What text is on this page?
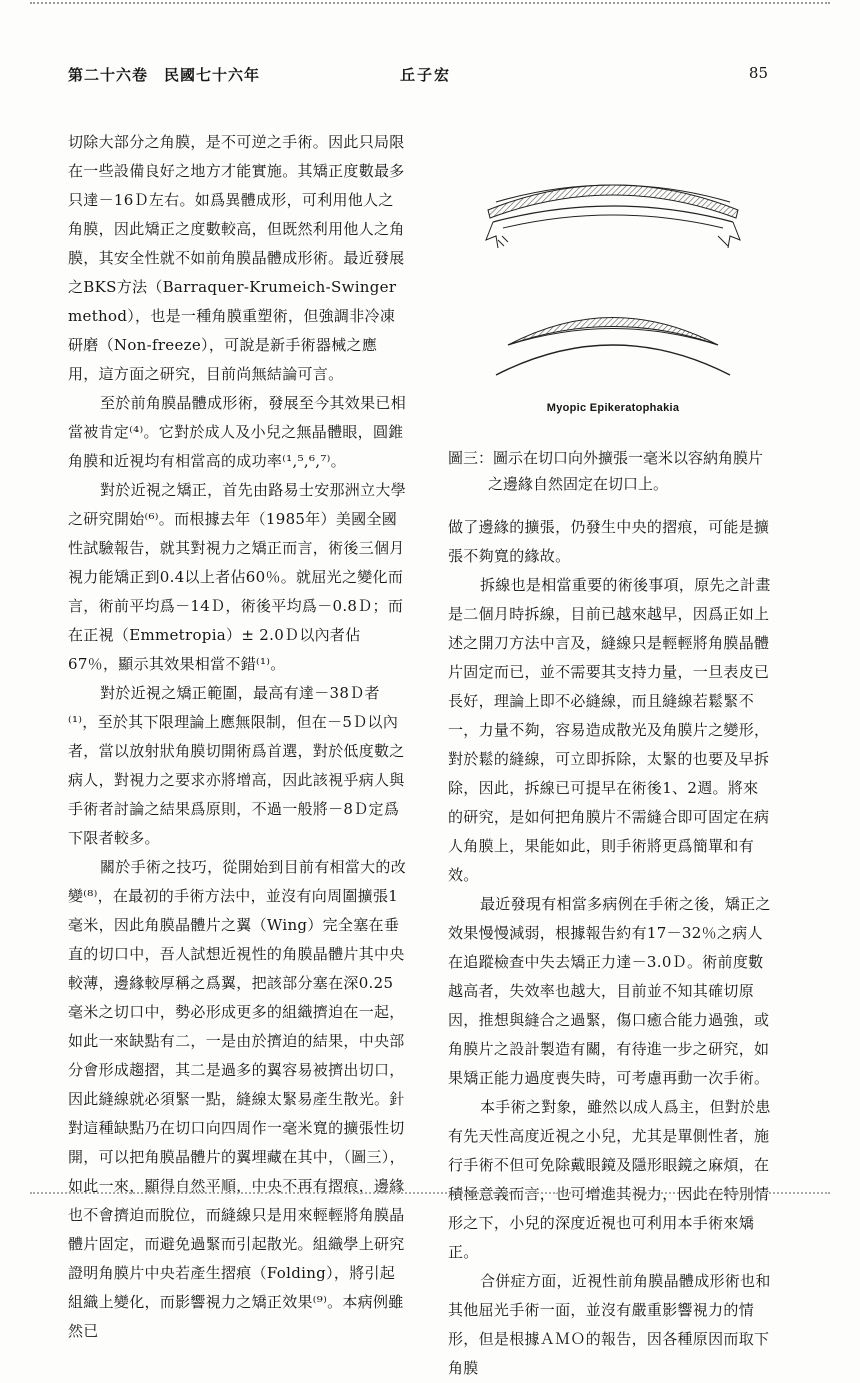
第二十六卷　民國七十六年	丘子宏	85

切除大部分之角膜，是不可逆之手術。因此只局限在一些設備良好之地方才能實施。其矯正度數最多只達－16Ｄ左右。如爲異體成形，可利用他人之角膜，因此矯正之度數較高，但既然利用他人之角膜，其安全性就不如前角膜晶體成形術。最近發展之BKS方法（Barraquer-Krumeich-Swinger method），也是一種角膜重塑術，但強調非冷凍研磨（Non-freeze），可說是新手術器械之應用，這方面之研究，目前尚無結論可言。

至於前角膜晶體成形術，發展至今其效果已相當被肯定⁽⁴⁾。它對於成人及小兒之無晶體眼，圓錐角膜和近視均有相當高的成功率⁽¹,⁵,⁶,⁷⁾。

對於近視之矯正，首先由路易士安那洲立大學之研究開始⁽⁶⁾。而根據去年（1985年）美國全國性試驗報告，就其對視力之矯正而言，術後三個月視力能矯正到0.4以上者佔60％。就屈光之變化而言，術前平均爲－14Ｄ，術後平均爲－0.8Ｄ；而在正視（Emmetropia）± 2.0Ｄ以內者佔67％，顯示其效果相當不錯⁽¹⁾。

對於近視之矯正範圍，最高有達－38Ｄ者⁽¹⁾，至於其下限理論上應無限制，但在－5Ｄ以內者，當以放射狀角膜切開術爲首選，對於低度數之病人，對視力之要求亦將增高，因此該視乎病人與手術者討論之結果爲原則，不過一般將－8Ｄ定爲下限者較多。

關於手術之技巧，從開始到目前有相當大的改變⁽⁸⁾，在最初的手術方法中，並沒有向周圍擴張1毫米，因此角膜晶體片之翼（Wing）完全塞在垂直的切口中，吾人試想近視性的角膜晶體片其中央較薄，邊緣較厚稱之爲翼，把該部分塞在深0.25毫米之切口中，勢必形成更多的組織擠迫在一起，如此一來缺點有二，一是由於擠迫的結果，中央部分會形成趨摺，其二是過多的翼容易被擠出切口，因此縫線就必須緊一點，縫線太緊易產生散光。針對這種缺點乃在切口向四周作一毫米寬的擴張性切開，可以把角膜晶體片的翼埋藏在其中，（圖三），如此一來，顯得自然平順，中央不再有摺痕，邊緣也不會擠迫而脫位，而縫線只是用來輕輕將角膜晶體片固定，而避免過緊而引起散光。組織學上研究證明角膜片中央若產生摺痕（Folding），將引起組織上變化，而影響視力之矯正效果⁽⁹⁾。本病例雖然已

Myopic Epikeratophakia
圖三：圖示在切口向外擴張一毫米以容納角膜片
之邊緣自然固定在切口上。

做了邊緣的擴張，仍發生中央的摺痕，可能是擴張不夠寬的緣故。

拆線也是相當重要的術後事項，原先之計畫是二個月時拆線，目前已越來越早，因爲正如上述之開刀方法中言及，縫線只是輕輕將角膜晶體片固定而已，並不需要其支持力量，一旦表皮已長好，理論上即不必縫線，而且縫線若鬆緊不一，力量不夠，容易造成散光及角膜片之變形，對於鬆的縫線，可立即拆除，太緊的也要及早拆除，因此，拆線已可提早在術後1、2週。將來的研究，是如何把角膜片不需縫合即可固定在病人角膜上，果能如此，則手術將更爲簡單和有效。

最近發現有相當多病例在手術之後，矯正之效果慢慢減弱，根據報告約有17－32％之病人在追蹤檢查中失去矯正力達－3.0Ｄ。術前度數越高者，失效率也越大，目前並不知其確切原因，推想與縫合之過緊，傷口癒合能力過強，或角膜片之設計製造有關，有待進一步之研究，如果矯正能力過度喪失時，可考慮再動一次手術。

本手術之對象，雖然以成人爲主，但對於患有先天性高度近視之小兒，尤其是單側性者，施行手術不但可免除戴眼鏡及隱形眼鏡之麻煩，在積極意義而言，也可增進其視力，因此在特別情形之下，小兒的深度近視也可利用本手術來矯正。

合併症方面，近視性前角膜晶體成形術也和其他屈光手術一面，並沒有嚴重影響視力的情形，但是根據ＡＭＯ的報告，因各種原因而取下角膜
